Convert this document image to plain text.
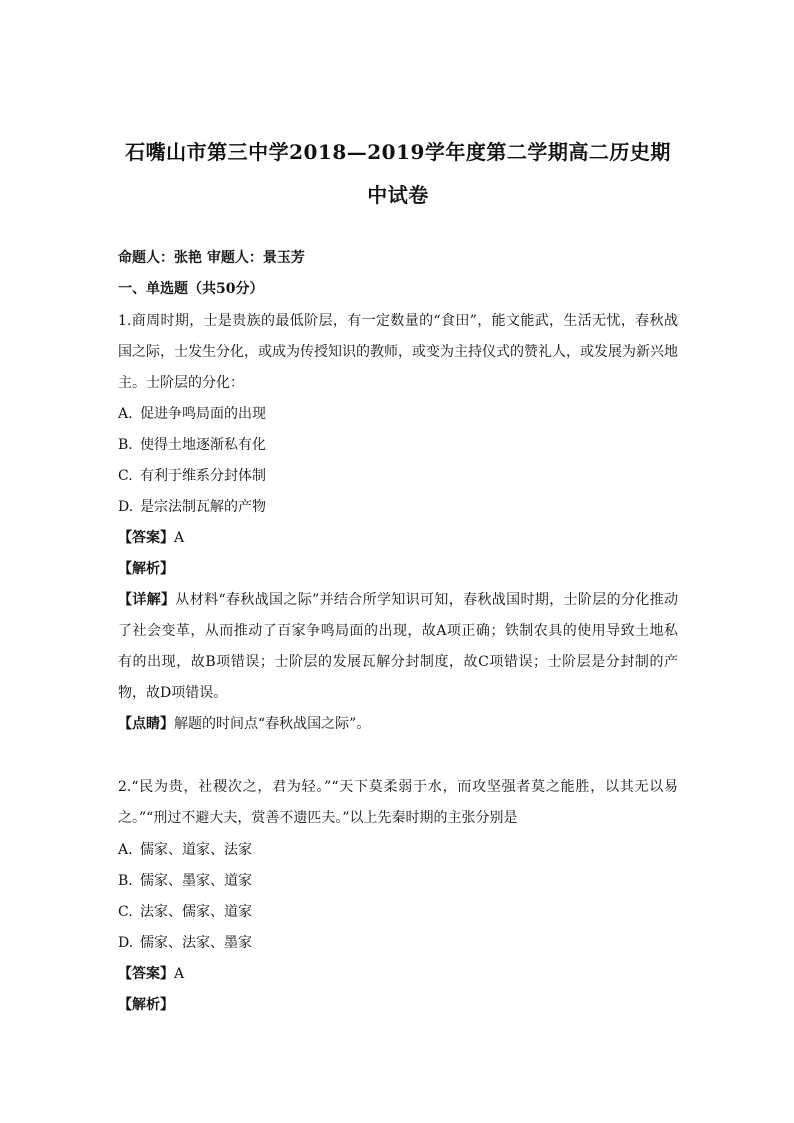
石嘴山市第三中学2018—2019学年度第二学期高二历史期
中试卷
命题人：张艳 审题人：景玉芳
一、单选题（共50分）
1.商周时期，士是贵族的最低阶层，有一定数量的“食田”，能文能武，生活无忧，春秋战
国之际，士发生分化，或成为传授知识的教师，或变为主持仪式的赞礼人，或发展为新兴地
主。士阶层的分化：
A. 促进争鸣局面的出现
B. 使得土地逐渐私有化
C. 有利于维系分封体制
D. 是宗法制瓦解的产物
【答案】A
【解析】
【详解】从材料“春秋战国之际”并结合所学知识可知，春秋战国时期，士阶层的分化推动
了社会变革，从而推动了百家争鸣局面的出现，故A项正确；铁制农具的使用导致土地私
有的出现，故B项错误；士阶层的发展瓦解分封制度，故C项错误；士阶层是分封制的产
物，故D项错误。
【点睛】解题的时间点“春秋战国之际”。
2.“民为贵，社稷次之，君为轻。”“天下莫柔弱于水，而攻坚强者莫之能胜，以其无以易
之。”“刑过不避大夫，赏善不遗匹夫。”以上先秦时期的主张分别是
A. 儒家、道家、法家
B. 儒家、墨家、道家
C. 法家、儒家、道家
D. 儒家、法家、墨家
【答案】A
【解析】
